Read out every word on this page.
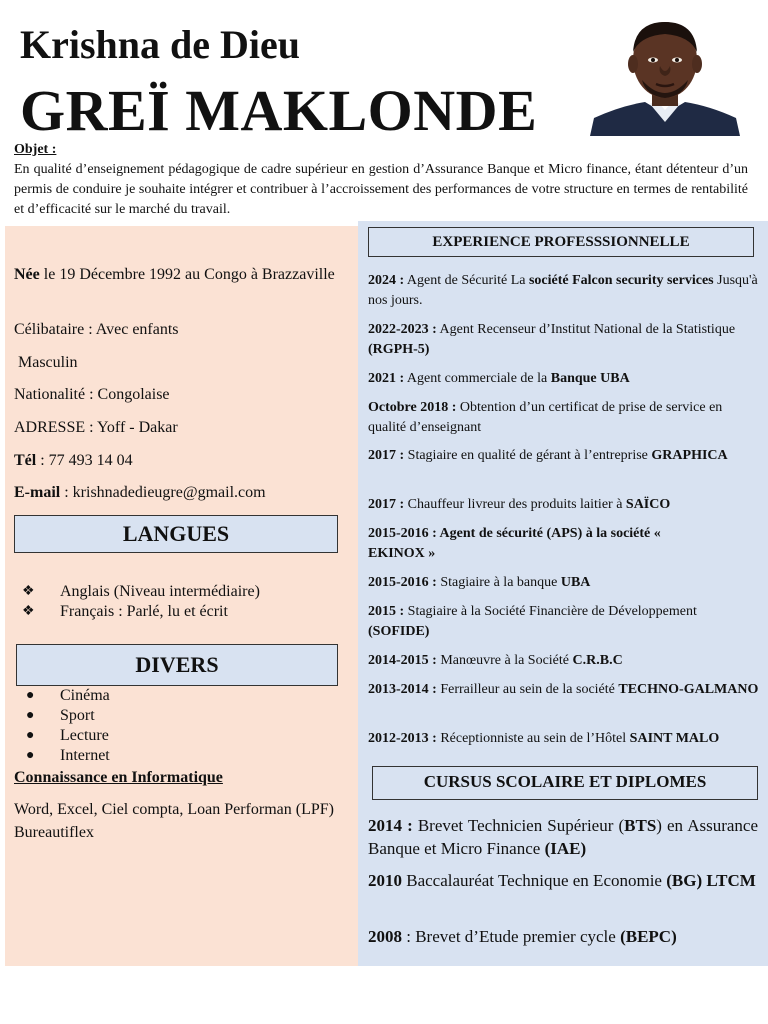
Krishna de Dieu
GREÏ MAKLONDE
Objet :
En qualité d’enseignement pédagogique de cadre supérieur en gestion d’Assurance Banque et Micro finance, étant détenteur d’un permis de conduire je souhaite intégrer et contribuer à l’accroissement des performances de votre structure en termes de rentabilité et d’efficacité sur le marché du travail.
Née le 19 Décembre 1992 au Congo à Brazzaville
Célibataire : Avec enfants
Masculin
Nationalité : Congolaise
ADRESSE : Yoff - Dakar
Tél : 77 493 14 04
E-mail : krishnadedieugre@gmail.com
LANGUES
❖	Anglais (Niveau intermédiaire)
❖	Français : Parlé, lu et écrit
DIVERS
●	Cinéma
●	Sport
●	Lecture
●	Internet
Connaissance en Informatique
Word, Excel, Ciel compta, Loan Performan (LPF) Bureautiflex
EXPERIENCE PROFESSSIONNELLE
2024 : Agent de Sécurité La société Falcon security services Jusqu'à nos jours.
2022-2023 : Agent Recenseur d’Institut National de la Statistique (RGPH-5)
2021 : Agent commerciale de la Banque UBA
Octobre 2018 : Obtention d’un certificat de prise de service en qualité d’enseignant
2017 : Stagiaire en qualité de gérant à l’entreprise GRAPHICA
2017 : Chauffeur livreur des produits laitier à SAÏCO
2015-2016 : Agent de sécurité (APS) à la société « EKINOX »
2015-2016 : Stagiaire à la banque UBA
2015 : Stagiaire à la Société Financière de Développement (SOFIDE)
2014-2015 : Manœuvre à la Société C.R.B.C
2013-2014 : Ferrailleur au sein de la société TECHNO-GALMANO
2012-2013 : Réceptionniste au sein de l’Hôtel SAINT MALO
CURSUS SCOLAIRE ET DIPLOMES
2014 : Brevet Technicien Supérieur (BTS) en Assurance Banque et Micro Finance (IAE)
2010 Baccalauréat Technique en Economie (BG) LTCM
2008 : Brevet d’Etude premier cycle (BEPC)
